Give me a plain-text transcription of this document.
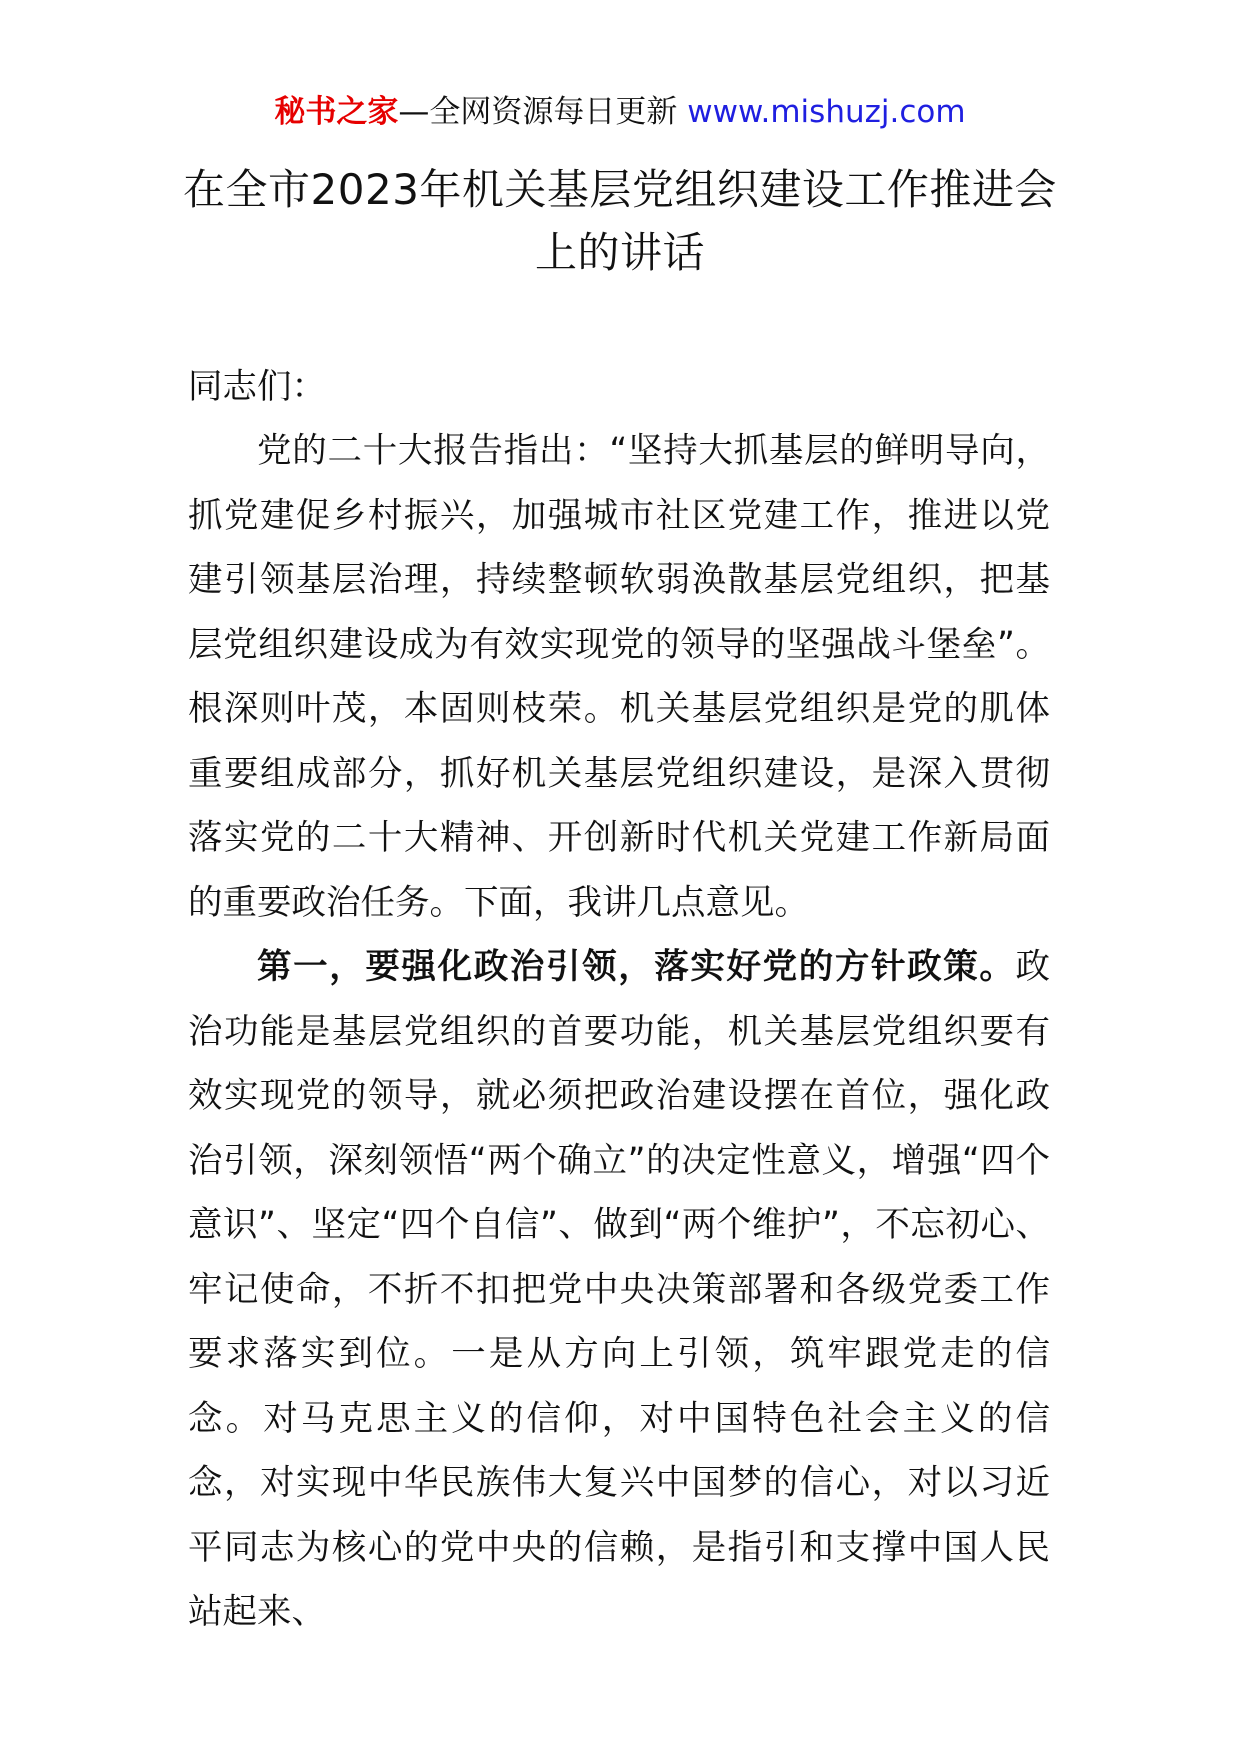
秘书之家—全网资源每日更新 www.mishuzj.com
在全市2023年机关基层党组织建设工作推进会上的讲话

同志们：

党的二十大报告指出：“坚持大抓基层的鲜明导向，抓党建促乡村振兴，加强城市社区党建工作，推进以党建引领基层治理，持续整顿软弱涣散基层党组织，把基层党组织建设成为有效实现党的领导的坚强战斗堡垒”。根深则叶茂，本固则枝荣。机关基层党组织是党的肌体重要组成部分，抓好机关基层党组织建设，是深入贯彻落实党的二十大精神、开创新时代机关党建工作新局面的重要政治任务。下面，我讲几点意见。

第一，要强化政治引领，落实好党的方针政策。政治功能是基层党组织的首要功能，机关基层党组织要有效实现党的领导，就必须把政治建设摆在首位，强化政治引领，深刻领悟“两个确立”的决定性意义，增强“四个意识”、坚定“四个自信”、做到“两个维护”，不忘初心、牢记使命，不折不扣把党中央决策部署和各级党委工作要求落实到位。一是从方向上引领，筑牢跟党走的信念。对马克思主义的信仰，对中国特色社会主义的信念，对实现中华民族伟大复兴中国梦的信心，对以习近平同志为核心的党中央的信赖，是指引和支撑中国人民站起来、
